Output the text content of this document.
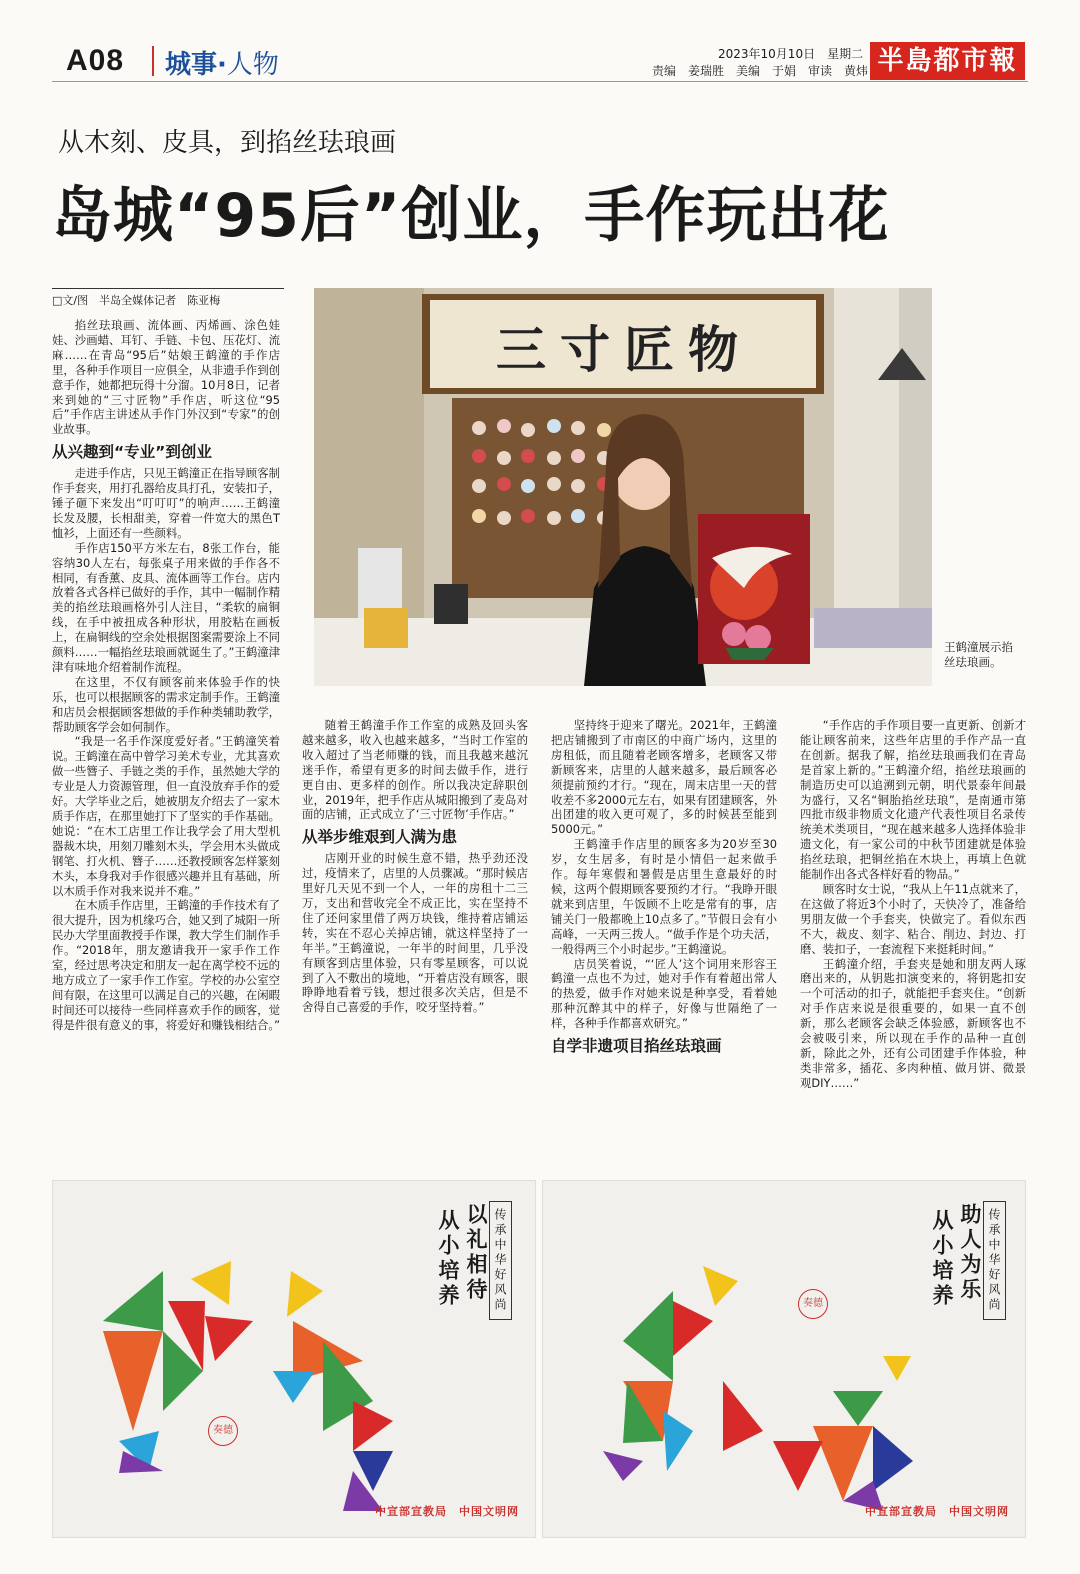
A08 城事·人物	2023年10月10日　星期二
责编　姜瑞胜　美编　于娟　审读　黄炜 半島都市報
从木刻、皮具，到掐丝珐琅画
岛城“95后”创业，手作玩出花
□文/图　半岛全媒体记者　陈亚梅

掐丝珐琅画、流体画、丙烯画、涂色娃娃、沙画蜡、耳钉、手链、卡包、压花灯、流麻……在青岛“95后”姑娘王鹤潼的手作店里，各种手作项目一应俱全，从非遗手作到创意手作，她都把玩得十分溜。10月8日，记者来到她的“三寸匠物”手作店，听这位“95后”手作店主讲述从手作门外汉到“专家”的创业故事。

从兴趣到“专业”到创业

走进手作店，只见王鹤潼正在指导顾客制作手套夹，用打孔器给皮具打孔，安装扣子，锤子砸下来发出“叮叮叮”的响声……王鹤潼长发及腰，长相甜美，穿着一件宽大的黑色T恤衫，上面还有一些颜料。

手作店150平方米左右，8张工作台，能容纳30人左右，每张桌子用来做的手作各不相同，有香薰、皮具、流体画等工作台。店内放着各式各样已做好的手作，其中一幅制作精美的掐丝珐琅画格外引人注目，“柔软的扁铜线，在手中被扭成各种形状，用胶粘在画板上，在扁铜线的空余处根据图案需要涂上不同颜料……一幅掐丝珐琅画就诞生了。”王鹤潼津津有味地介绍着制作流程。

在这里，不仅有顾客前来体验手作的快乐，也可以根据顾客的需求定制手作。王鹤潼和店员会根据顾客想做的手作种类辅助教学，帮助顾客学会如何制作。

“我是一名手作深度爱好者。”王鹤潼笑着说。王鹤潼在高中曾学习美术专业，尤其喜欢做一些簪子、手链之类的手作，虽然她大学的专业是人力资源管理，但一直没放弃手作的爱好。大学毕业之后，她被朋友介绍去了一家木质手作店，在那里她打下了坚实的手作基础。她说：“在木工店里工作让我学会了用大型机器裁木块，用刻刀雕刻木头，学会用木头做成钢笔、打火机、簪子……还教授顾客怎样篆刻木头，本身我对手作很感兴趣并且有基础，所以木质手作对我来说并不难。”

在木质手作店里，王鹤潼的手作技术有了很大提升，因为机缘巧合，她又到了城阳一所民办大学里面教授手作课，教大学生们制作手作。“2018年，朋友邀请我开一家手作工作室，经过思考决定和朋友一起在离学校不远的地方成立了一家手作工作室。学校的办公室空间有限，在这里可以满足自己的兴趣，在闲暇时间还可以接待一些同样喜欢手作的顾客，觉得是件很有意义的事，将爱好和赚钱相结合。”

三寸匠物
王鹤潼展示掐丝珐琅画。

随着王鹤潼手作工作室的成熟及回头客越来越多，收入也越来越多，“当时工作室的收入超过了当老师赚的钱，而且我越来越沉迷手作，希望有更多的时间去做手作，进行更自由、更多样的创作。所以我决定辞职创业，2019年，把手作店从城阳搬到了麦岛对面的店铺，正式成立了‘三寸匠物’手作店。”

从举步维艰到人满为患

店刚开业的时候生意不错，热乎劲还没过，疫情来了，店里的人员骤减。“那时候店里好几天见不到一个人，一年的房租十二三万，支出和营收完全不成正比，实在坚持不住了还问家里借了两万块钱，维持着店铺运转，实在不忍心关掉店铺，就这样坚持了一年半。”王鹤潼说，一年半的时间里，几乎没有顾客到店里体验，只有零星顾客，可以说到了入不敷出的境地，“开着店没有顾客，眼睁睁地看着亏钱，想过很多次关店，但是不舍得自己喜爱的手作，咬牙坚持着。”

坚持终于迎来了曙光。2021年，王鹤潼把店铺搬到了市南区的中商广场内，这里的房租低，而且随着老顾客增多，老顾客又带新顾客来，店里的人越来越多，最后顾客必须提前预约才行。“现在，周末店里一天的营收差不多2000元左右，如果有团建顾客，外出团建的收入更可观了，多的时候甚至能到5000元。”

王鹤潼手作店里的顾客多为20岁至30岁，女生居多，有时是小情侣一起来做手作。每年寒假和暑假是店里生意最好的时候，这两个假期顾客要预约才行。“我睁开眼就来到店里，午饭顾不上吃是常有的事，店铺关门一般都晚上10点多了。”节假日会有小高峰，一天两三拨人。“做手作是个功夫活，一般得两三个小时起步。”王鹤潼说。

店员笑着说，“‘匠人’这个词用来形容王鹤潼一点也不为过，她对手作有着超出常人的热爱，做手作对她来说是种享受，看着她那种沉醉其中的样子，好像与世隔绝了一样，各种手作都喜欢研究。”

自学非遗项目掐丝珐琅画

“手作店的手作项目要一直更新、创新才能让顾客前来，这些年店里的手作产品一直在创新。据我了解，掐丝珐琅画我们在青岛是首家上新的。”王鹤潼介绍，掐丝珐琅画的制造历史可以追溯到元朝，明代景泰年间最为盛行，又名“铜胎掐丝珐琅”，是南通市第四批市级非物质文化遗产代表性项目名录传统美术类项目，“现在越来越多人选择体验非遗文化，有一家公司的中秋节团建就是体验掐丝珐琅，把铜丝掐在木块上，再填上色就能制作出各式各样好看的物品。”

顾客时女士说，“我从上午11点就来了，在这做了将近3个小时了，天快冷了，准备给男朋友做一个手套夹，快做完了。看似东西不大，裁皮、刻字、粘合、削边、封边、打磨、装扣子，一套流程下来挺耗时间。”

王鹤潼介绍，手套夹是她和朋友两人琢磨出来的，从钥匙扣演变来的，将钥匙扣安一个可活动的扣子，就能把手套夹住。“创新对手作店来说是很重要的，如果一直不创新，那么老顾客会缺乏体验感，新顾客也不会被吸引来，所以现在手作的品种一直创新，除此之外，还有公司团建手作体验，种类非常多，插花、多肉种植、做月饼、微景观DIY……”

以礼相待
从小培养	传承中华好风尚
奏德
中宣部宣教局　中国文明网
助人为乐
从小培养	传承中华好风尚
奏德
中宣部宣教局　中国文明网
